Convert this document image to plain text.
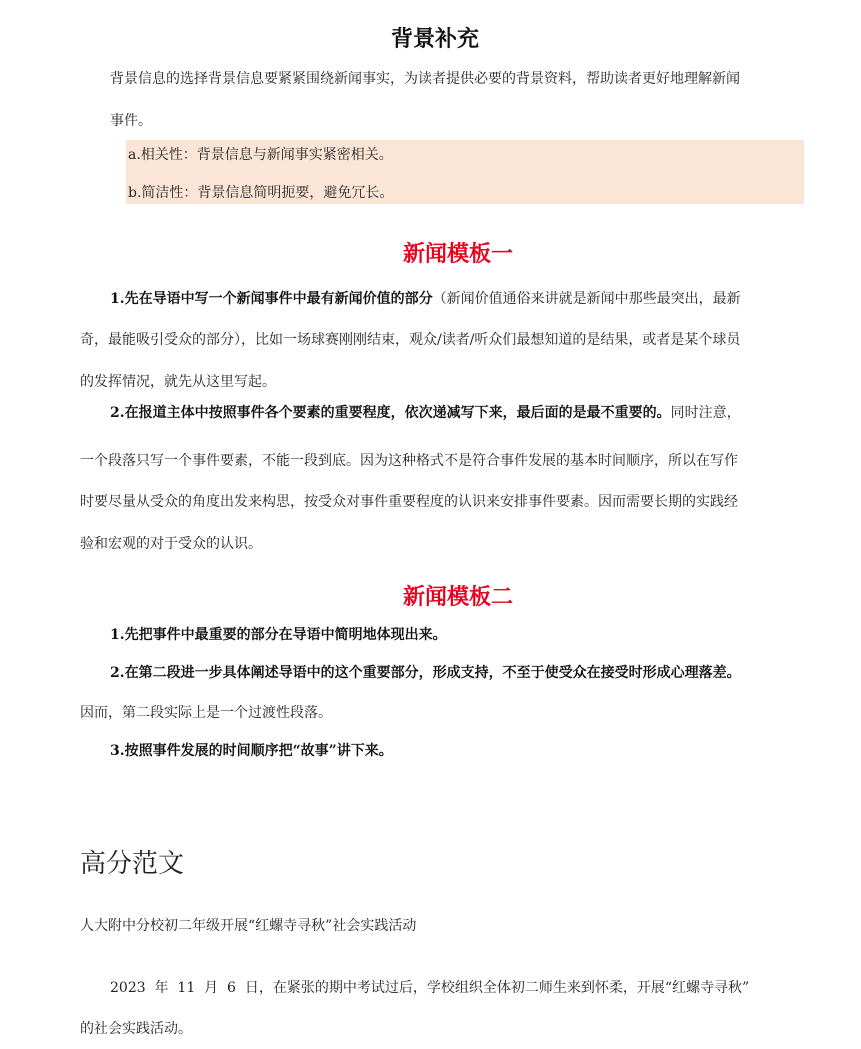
背景补充
背景信息的选择背景信息要紧紧围绕新闻事实，为读者提供必要的背景资料，帮助读者更好地理解新闻
事件。
a.相关性：背景信息与新闻事实紧密相关。
b.简洁性：背景信息简明扼要，避免冗长。
新闻模板一
1.先在导语中写一个新闻事件中最有新闻价值的部分（新闻价值通俗来讲就是新闻中那些最突出，最新
奇，最能吸引受众的部分），比如一场球赛刚刚结束，观众/读者/听众们最想知道的是结果，或者是某个球员
的发挥情况，就先从这里写起。
2.在报道主体中按照事件各个要素的重要程度，依次递减写下来，最后面的是最不重要的。同时注意，
一个段落只写一个事件要素，不能一段到底。因为这种格式不是符合事件发展的基本时间顺序，所以在写作
时要尽量从受众的角度出发来构思，按受众对事件重要程度的认识来安排事件要素。因而需要长期的实践经
验和宏观的对于受众的认识。
新闻模板二
1.先把事件中最重要的部分在导语中简明地体现出来。
2.在第二段进一步具体阐述导语中的这个重要部分，形成支持，不至于使受众在接受时形成心理落差。
因而，第二段实际上是一个过渡性段落。
3.按照事件发展的时间顺序把“故事”讲下来。
高分范文
人大附中分校初二年级开展“红螺寺寻秋”社会实践活动
2023  年  11  月  6  日，在紧张的期中考试过后，学校组织全体初二师生来到怀柔，开展“红螺寺寻秋”
的社会实践活动。
